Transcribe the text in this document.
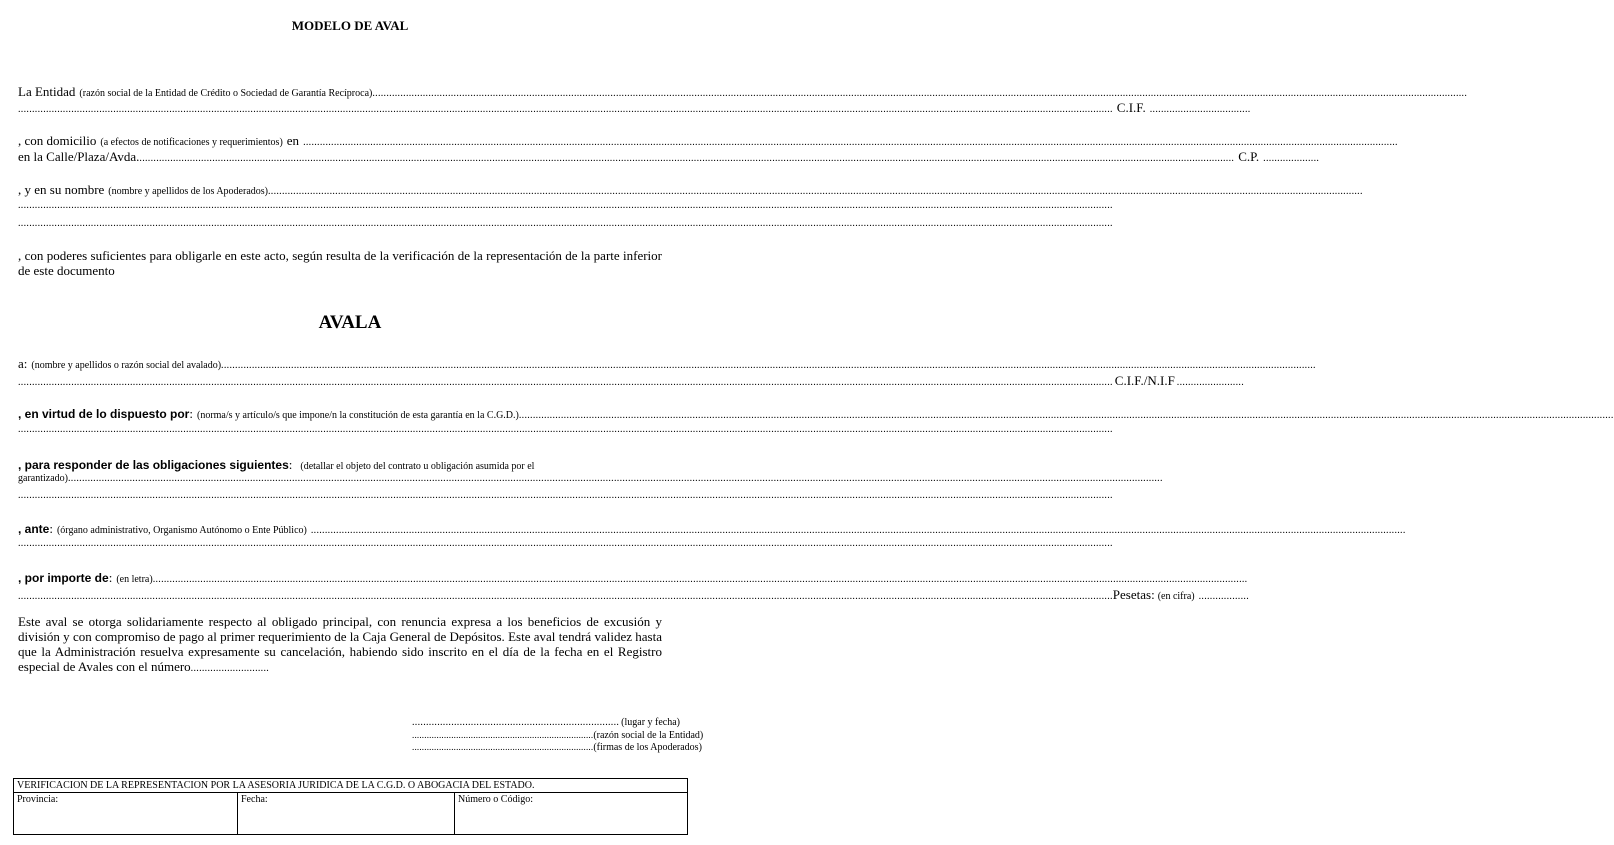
MODELO DE AVAL
La Entidad (razón social de la Entidad de Crédito o Sociedad de Garantía Recíproca)
.....
.....
C.I.F. ....................................
, con domicilio (a efectos de notificaciones y requerimientos) en
.....
en la Calle/Plaza/Avda.
.....	C.P. ....................
, y en su nombre (nombre y apellidos de los Apoderados)
.....
.....
.....
, con poderes suficientes para obligarle en este acto, según resulta de la verificación de la representación de la parte inferior de este documento
AVALA
a: (nombre y apellidos o razón social del avalado)
.....
.....
C.I.F./N.I.F ........................
, en virtud de lo dispuesto por : (norma/s y artículo/s que impone/n la constitución de esta garantía en la C.G.D.)
.....
.....
, para responder de las obligaciones siguientes : (detallar el objeto del contrato u obligación asumida por el
garantizado)
.....
.....
, ante : (órgano administrativo, Organismo Autónomo o Ente Público)
.....
.....
, por importe de : (en letra)
.....
.....
Pesetas: (en cifra) ..................
Este aval se otorga solidariamente respecto al obligado principal, con renuncia expresa a los beneficios de excusión y división y con compromiso de pago al primer requerimiento de la Caja General de Depósitos. Este aval tendrá validez hasta que la Administración resuelva expresamente su cancelación, habiendo sido inscrito en el día de la fecha en el Registro especial de Avales con el número............................
.......................................................................... (lugar y fecha)
.......................................................................... (razón social de la Entidad)
.......................................................................... (firmas de los Apoderados)
VERIFICACION DE LA REPRESENTACION POR LA ASESORIA JURIDICA DE LA C.G.D. O ABOGACIA DEL ESTADO.
Provincia:	Fecha:	Número o Código:
